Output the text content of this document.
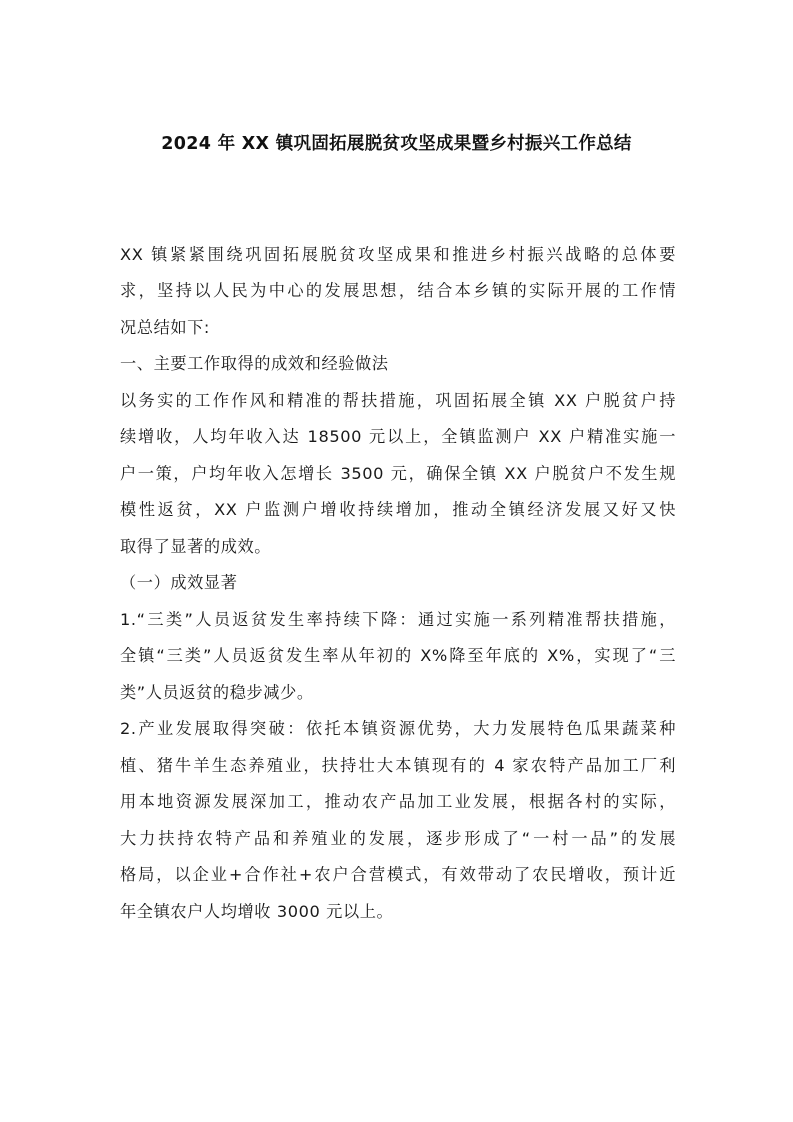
2024 年 XX 镇巩固拓展脱贫攻坚成果暨乡村振兴工作总结
XX 镇紧紧围绕巩固拓展脱贫攻坚成果和推进乡村振兴战略的总体要
求，坚持以人民为中心的发展思想，结合本乡镇的实际开展的工作情
况总结如下:
一、主要工作取得的成效和经验做法
以务实的工作作风和精准的帮扶措施，巩固拓展全镇 XX 户脱贫户持
续增收，人均年收入达 18500 元以上，全镇监测户 XX 户精准实施一
户一策，户均年收入怎增长 3500 元，确保全镇 XX 户脱贫户不发生规
模性返贫，XX 户监测户增收持续增加，推动全镇经济发展又好又快
取得了显著的成效。
（一）成效显著
1.“三类”人员返贫发生率持续下降：通过实施一系列精准帮扶措施，
全镇“三类”人员返贫发生率从年初的 X%降至年底的 X%，实现了“三
类”人员返贫的稳步减少。
2.产业发展取得突破：依托本镇资源优势，大力发展特色瓜果蔬菜种
植、猪牛羊生态养殖业，扶持壮大本镇现有的 4 家农特产品加工厂利
用本地资源发展深加工，推动农产品加工业发展，根据各村的实际，
大力扶持农特产品和养殖业的发展，逐步形成了“一村一品”的发展
格局，以企业+合作社+农户合营模式，有效带动了农民增收，预计近
年全镇农户人均增收 3000 元以上。
